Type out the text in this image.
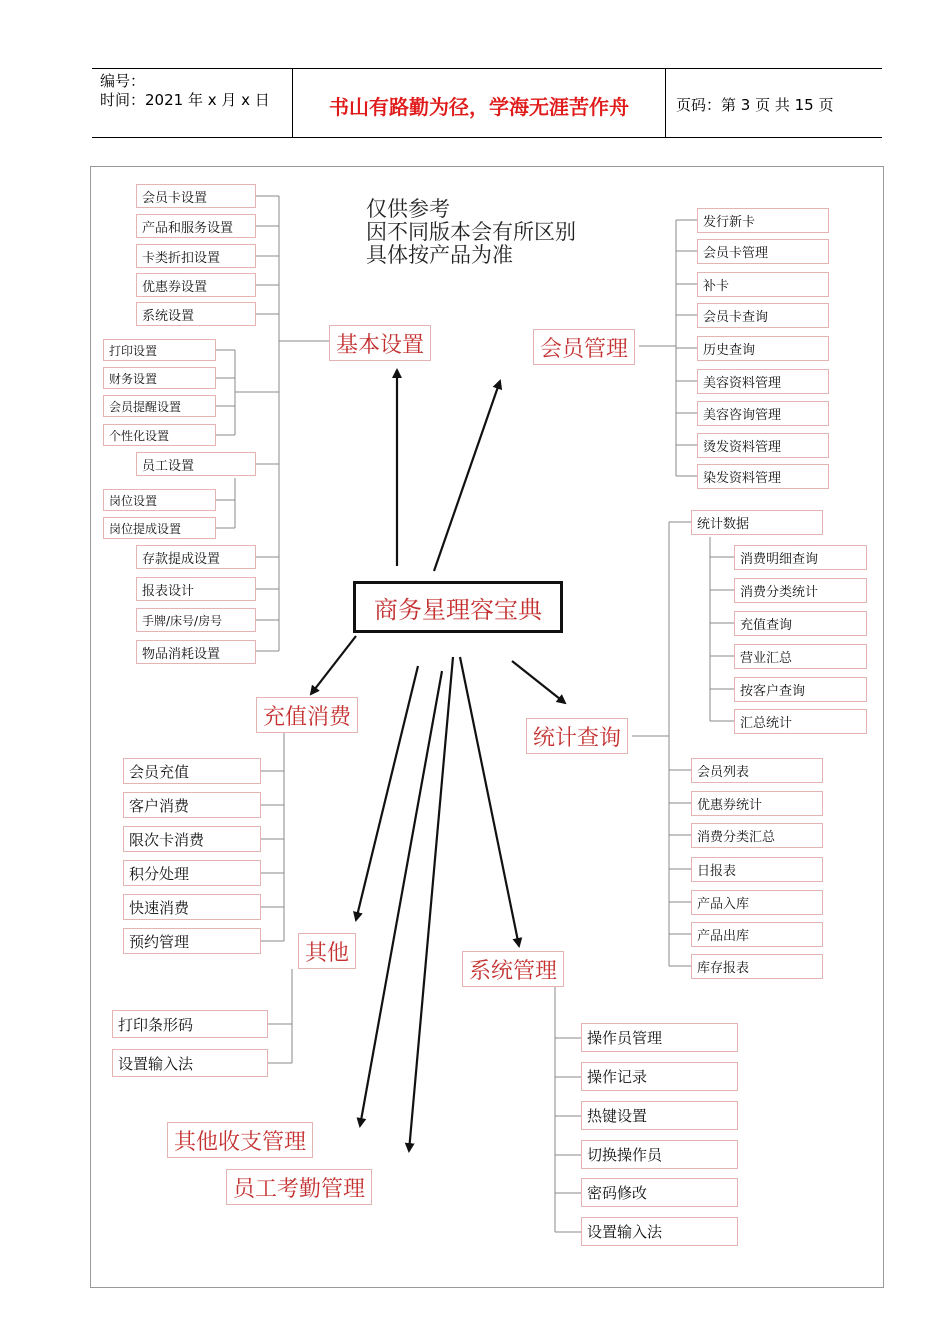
编号：
时间：2021 年 x 月 x 日	书山有路勤为径，学海无涯苦作舟	页码：第 3 页 共 15 页
仅供参考
因不同版本会有所区别
具体按产品为准
商务星理容宝典
基本设置	会员管理
充值消费
统计查询
其他
系统管理
其他收支管理
员工考勤管理
会员卡设置
产品和服务设置
卡类折扣设置
优惠券设置
系统设置
打印设置
财务设置
会员提醒设置
个性化设置
员工设置
岗位设置
岗位提成设置
存款提成设置
报表设计
手牌/床号/房号
物品消耗设置
发行新卡
会员卡管理
补卡
会员卡查询
历史查询
美容资料管理
美容咨询管理
烫发资料管理
染发资料管理
统计数据
消费明细查询
消费分类统计
充值查询
营业汇总
按客户查询
汇总统计
会员列表
优惠券统计
消费分类汇总
日报表
产品入库
产品出库
库存报表
会员充值
客户消费
限次卡消费
积分处理
快速消费
预约管理
打印条形码
设置输入法
操作员管理
操作记录
热键设置
切换操作员
密码修改
设置输入法
